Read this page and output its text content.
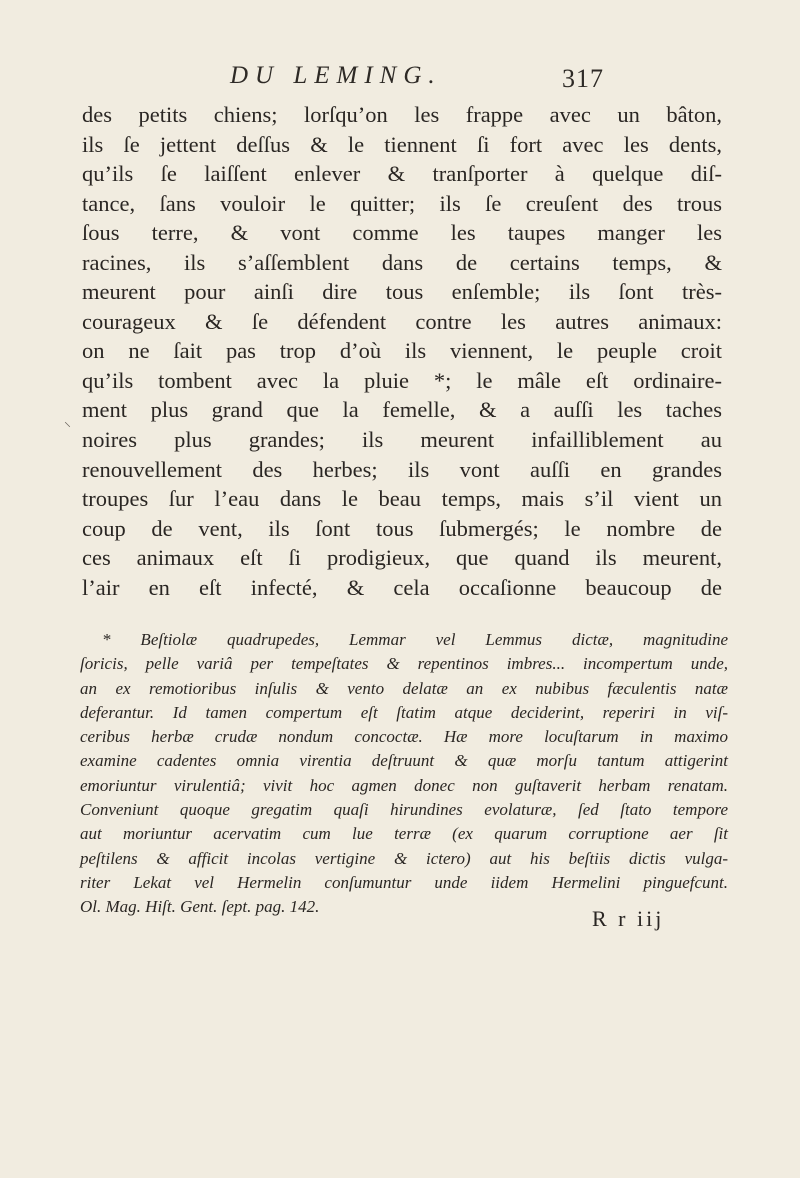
DU LEMING.	317
⸜
des petits chiens; lorſqu’on les frappe avec un bâton,
ils ſe jettent deſſus & le tiennent ſi fort avec les dents,
qu’ils ſe laiſſent enlever & tranſporter à quelque diſ-
tance, ſans vouloir le quitter; ils ſe creuſent des trous
ſous terre, & vont comme les taupes manger les
racines, ils s’aſſemblent dans de certains temps, &
meurent pour ainſi dire tous enſemble; ils ſont très-
courageux & ſe défendent contre les autres animaux:
on ne ſait pas trop d’où ils viennent, le peuple croit
qu’ils tombent avec la pluie *; le mâle eſt ordinaire-
ment plus grand que la femelle, & a auſſi les taches
noires plus grandes; ils meurent infailliblement au
renouvellement des herbes; ils vont auſſi en grandes
troupes ſur l’eau dans le beau temps, mais s’il vient un
coup de vent, ils ſont tous ſubmergés; le nombre de
ces animaux eſt ſi prodigieux, que quand ils meurent,
l’air en eſt infecté, & cela occaſionne beaucoup de
* Beſtiolæ quadrupedes, Lemmar vel Lemmus dictæ, magnitudine
ſoricis, pelle variâ per tempeſtates & repentinos imbres... incompertum unde,
an ex remotioribus inſulis & vento delatæ an ex nubibus fæculentis natæ
deferantur. Id tamen compertum eſt ſtatim atque deciderint, reperiri in viſ-
ceribus herbæ crudæ nondum concoctæ. Hæ more locuſtarum in maximo
examine cadentes omnia virentia deſtruunt & quæ morſu tantum attigerint
emoriuntur virulentiâ; vivit hoc agmen donec non guſtaverit herbam renatam.
Conveniunt quoque gregatim quaſi hirundines evolaturæ, ſed ſtato tempore
aut moriuntur acervatim cum lue terræ (ex quarum corruptione aer ſit
peſtilens & afficit incolas vertigine & ictero) aut his beſtiis dictis vulga-
riter Lekat vel Hermelin conſumuntur unde iidem Hermelini pinguefcunt.
Ol. Mag. Hiſt. Gent. ſept. pag. 142.	R r iij
